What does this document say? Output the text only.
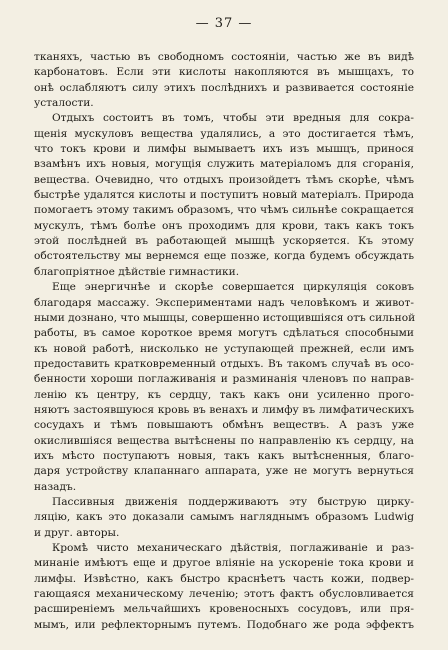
— 37 —
тканяхъ, частью въ свободномъ состоянiи, частью же въ видѣ
карбонатовъ. Если эти кислоты накопляются въ мышцахъ, то
онѣ ослабляютъ силу этихъ послѣднихъ и развивается состоянiе
усталости.
Отдыхъ состоитъ въ томъ, чтобы эти вредныя для сокра-
щенiя мускуловъ вещества удалялись, а это достигается тѣмъ,
что токъ крови и лимфы вымываетъ ихъ изъ мышцъ, принося
взамѣнъ ихъ новыя, могущiя служить матерiаломъ для сгоранiя,
вещества. Очевидно, что отдыхъ произойдетъ тѣмъ скорѣе, чѣмъ
быстрѣе удалятся кислоты и поступитъ новый матерiалъ. Природа
помогаетъ этому такимъ образомъ, что чѣмъ сильнѣе сокращается
мускулъ, тѣмъ болѣе онъ проходимъ для крови, такъ какъ токъ
этой послѣдней въ работающей мышцѣ ускоряется. Къ этому
обстоятельству мы вернемся еще позже, когда будемъ обсуждать
благопрiятное дѣйствiе гимнастики.
Еще энергичнѣе и скорѣе совершается циркуляцiя соковъ
благодаря массажу. Экспериментами надъ человѣкомъ и живот-
ными дознано, что мышцы, совершенно истощившiяся отъ сильной
работы, въ самое короткое время могутъ сдѣлаться способными
къ новой работѣ, нисколько не уступающей прежней, если имъ
предоставить кратковременный отдыхъ. Въ такомъ случаѣ въ осо-
бенности хороши поглаживанiя и разминанiя членовъ по направ-
ленiю къ центру, къ сердцу, такъ какъ они усиленно прого-
няютъ застоявшуюся кровь въ венахъ и лимфу въ лимфатическихъ
сосудахъ и тѣмъ повышаютъ обмѣнъ веществъ. А разъ уже
окислившiяся вещества вытѣснены по направленiю къ сердцу, на
ихъ мѣсто поступаютъ новыя, такъ какъ вытѣсненныя, благо-
даря устройству клапаннаго аппарата, уже не могутъ вернуться
назадъ.
Пассивныя движенiя поддерживаютъ эту быструю цирку-
ляцiю, какъ это доказали самымъ нагляднымъ образомъ Ludwig
и друг. авторы.
Кромѣ чисто механическаго дѣйствiя, поглаживанiе и раз-
минанiе имѣютъ еще и другое влiянiе на ускоренiе тока крови и
лимфы. Извѣстно, какъ быстро краснѣетъ часть кожи, подвер-
гающаяся механическому леченiю; этотъ фактъ обусловливается
расширенiемъ мельчайшихъ кровеносныхъ сосудовъ, или пря-
мымъ, или рефлекторнымъ путемъ. Подобнаго же рода эффектъ
